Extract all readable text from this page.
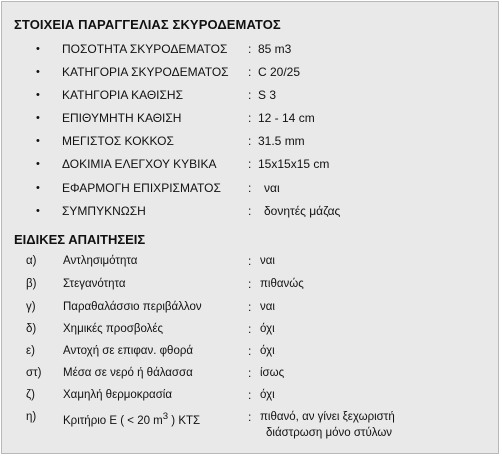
ΣΤΟΙΧΕΙΑ ΠΑΡΑΓΓΕΛΙΑΣ ΣΚΥΡΟΔΕΜΑΤΟΣ
• ΠΟΣΟΤΗΤΑ ΣΚΥΡΟΔΕΜΑΤΟΣ : 85 m3
• ΚΑΤΗΓΟΡΙΑ ΣΚΥΡΟΔΕΜΑΤΟΣ : C 20/25
• ΚΑΤΗΓΟΡΙΑ ΚΑΘΙΣΗΣ	: S 3
• ΕΠΙΘΥΜΗΤΗ ΚΑΘΙΣΗ	: 12 - 14 cm
• ΜΕΓΙΣΤΟΣ ΚΟΚΚΟΣ	: 31.5 mm
• ΔΟΚΙΜΙΑ ΕΛΕΓΧΟΥ ΚΥΒΙΚΑ	: 15x15x15 cm
• ΕΦΑΡΜΟΓΗ ΕΠΙΧΡΙΣΜΑΤΟΣ : ναι
• ΣΥΜΠΥΚΝΩΣΗ	: δονητές μάζας
ΕΙΔΙΚΕΣ ΑΠΑΙΤΗΣΕΙΣ
α) Αντλησιμότητα	: ναι
β) Στεγανότητα	: πιθανώς
γ) Παραθαλάσσιο περιβάλλον	: ναι
δ) Χημικές προσβολές	: όχι
ε) Αντοχή σε επιφαν. φθορά	: όχι
στ) Μέσα σε νερό ή θάλασσα	: ίσως
ζ) Χαμηλή θερμοκρασία	: όχι
η) Κριτήριο Ε ( < 20 $m^3$ ) ΚΤΣ	: πιθανό, αν γίνει ξεχωριστή
διάστρωση μόνο στύλων
